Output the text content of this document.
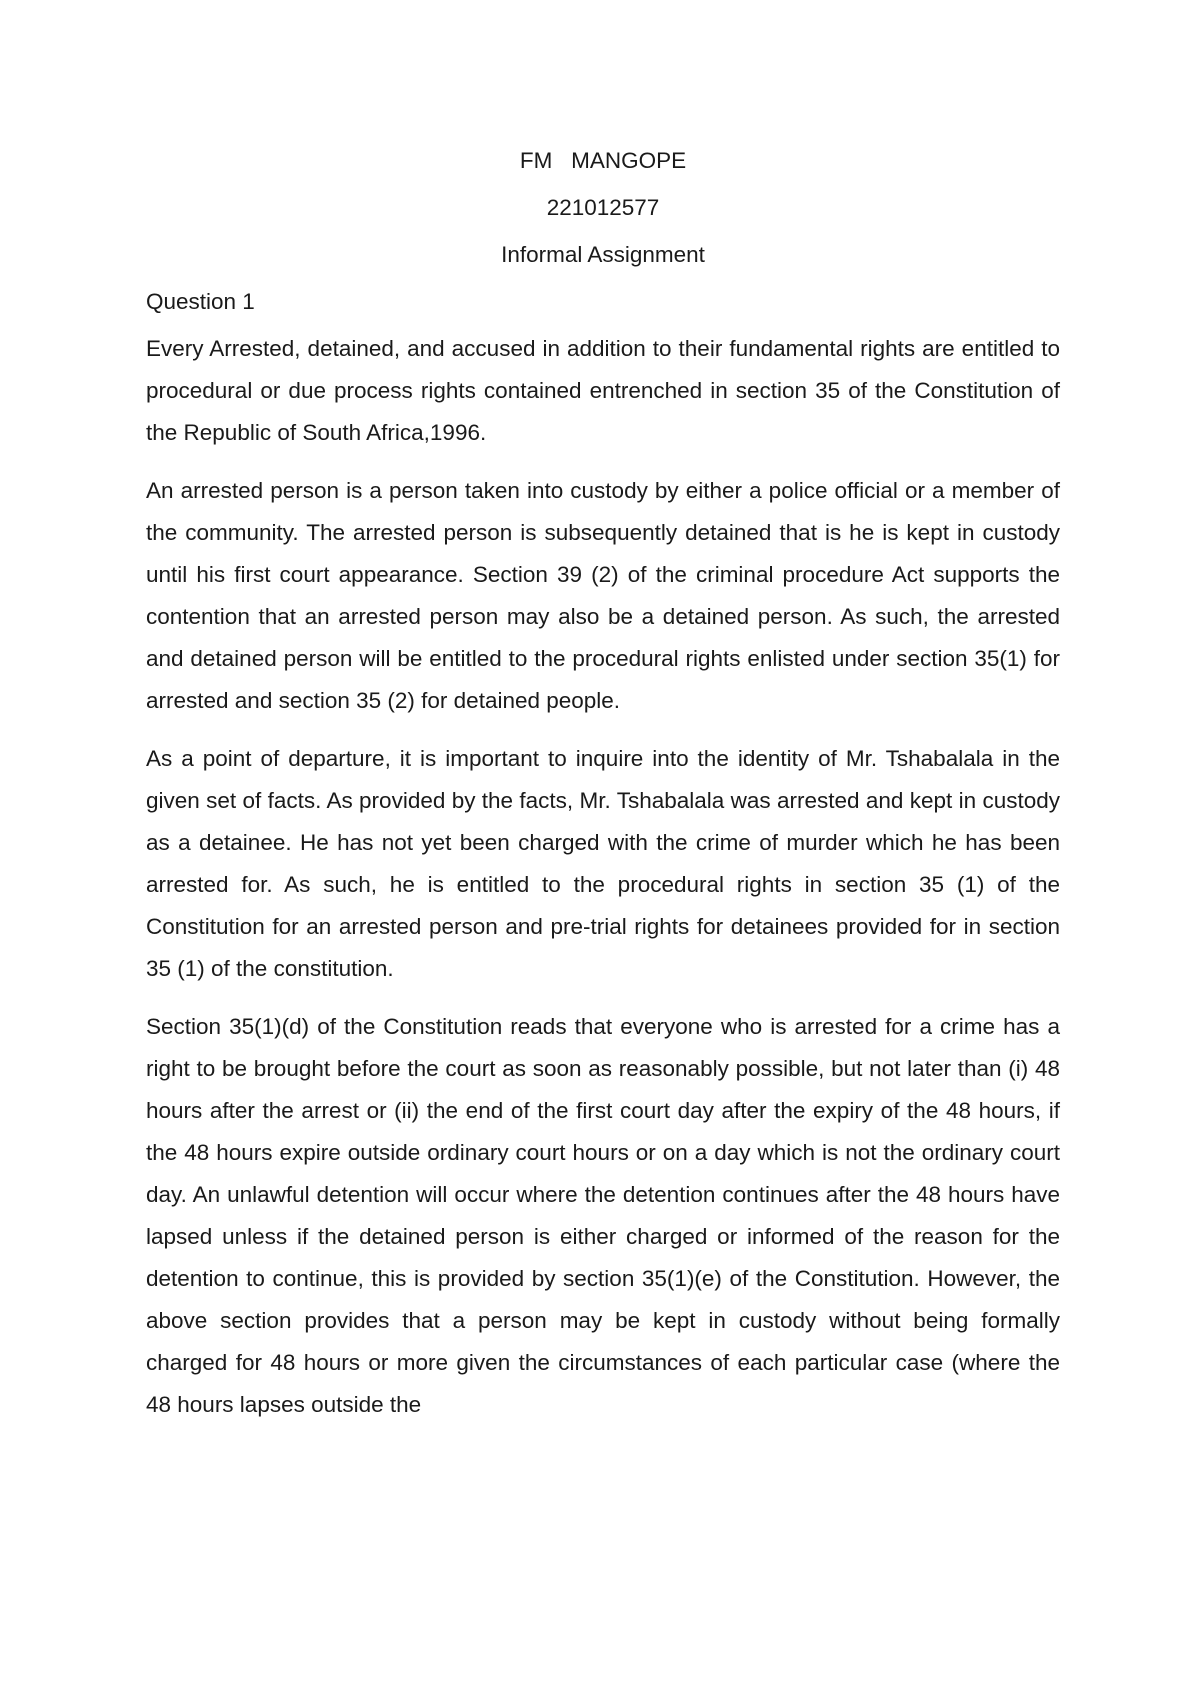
FM   MANGOPE

221012577

Informal Assignment

Question 1

Every Arrested, detained, and accused in addition to their fundamental rights are entitled to procedural or due process rights contained entrenched in section 35 of the Constitution of the Republic of South Africa,1996.

An arrested person is a person taken into custody by either a police official or a member of the community. The arrested person is subsequently detained that is he is kept in custody until his first court appearance. Section 39 (2) of the criminal procedure Act supports the contention that an arrested person may also be a detained person. As such, the arrested and detained person will be entitled to the procedural rights enlisted under section 35(1) for arrested and section 35 (2) for detained people.

As a point of departure, it is important to inquire into the identity of Mr. Tshabalala in the given set of facts. As provided by the facts, Mr. Tshabalala was arrested and kept in custody as a detainee. He has not yet been charged with the crime of murder which he has been arrested for. As such, he is entitled to the procedural rights in section 35 (1) of the Constitution for an arrested person and pre-trial rights for detainees provided for in section 35 (1) of the constitution.

Section 35(1)(d) of the Constitution reads that everyone who is arrested for a crime has a right to be brought before the court as soon as reasonably possible, but not later than (i) 48 hours after the arrest or (ii) the end of the first court day after the expiry of the 48 hours, if the 48 hours expire outside ordinary court hours or on a day which is not the ordinary court day. An unlawful detention will occur where the detention continues after the 48 hours have lapsed unless if the detained person is either charged or informed of the reason for the detention to continue, this is provided by section 35(1)(e) of the Constitution. However, the above section provides that a person may be kept in custody without being formally charged for 48 hours or more given the circumstances of each particular case (where the 48 hours lapses outside the
